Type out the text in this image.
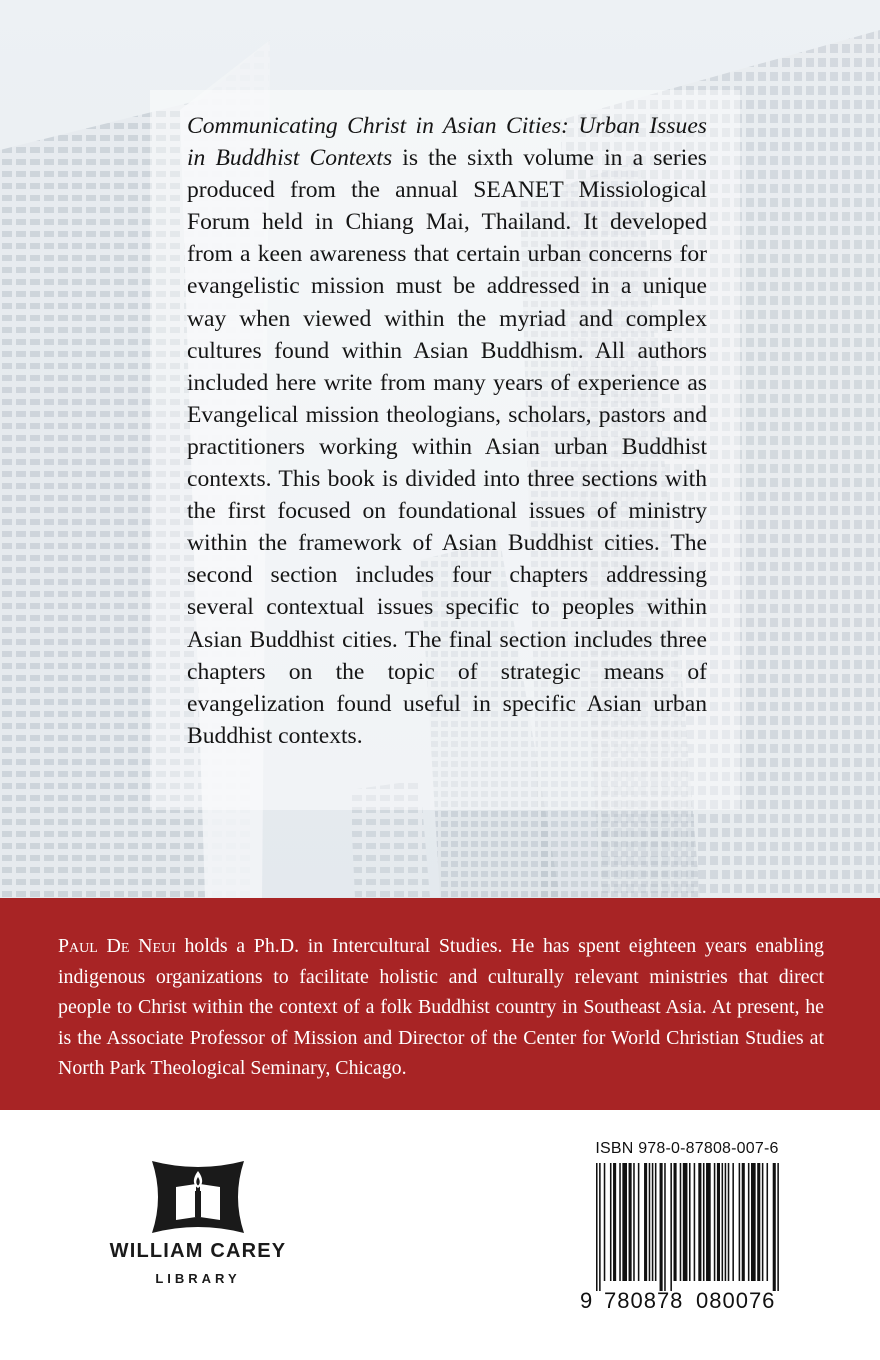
Communicating Christ in Asian Cities: Urban Issues in Buddhist Contexts is the sixth volume in a series produced from the annual SEANET Missiological Forum held in Chiang Mai, Thailand. It developed from a keen awareness that certain urban concerns for evangelistic mission must be addressed in a unique way when viewed within the myriad and complex cultures found within Asian Buddhism. All authors included here write from many years of experience as Evangelical mission theologians, scholars, pastors and practitioners working within Asian urban Buddhist contexts. This book is divided into three sections with the first focused on foundational issues of ministry within the framework of Asian Buddhist cities. The second section includes four chapters addressing several contextual issues specific to peoples within Asian Buddhist cities. The final section includes three chapters on the topic of strategic means of evangelization found useful in specific Asian urban Buddhist contexts.

Paul De Neui holds a Ph.D. in Intercultural Studies. He has spent eighteen years enabling indigenous organizations to facilitate holistic and culturally relevant ministries that direct people to Christ within the context of a folk Buddhist country in Southeast Asia. At present, he is the Associate Professor of Mission and Director of the Center for World Christian Studies at North Park Theological Seminary, Chicago.

WILLIAM CAREY

LIBRARY

ISBN 978-0-87808-007-6

9 780878 080076
